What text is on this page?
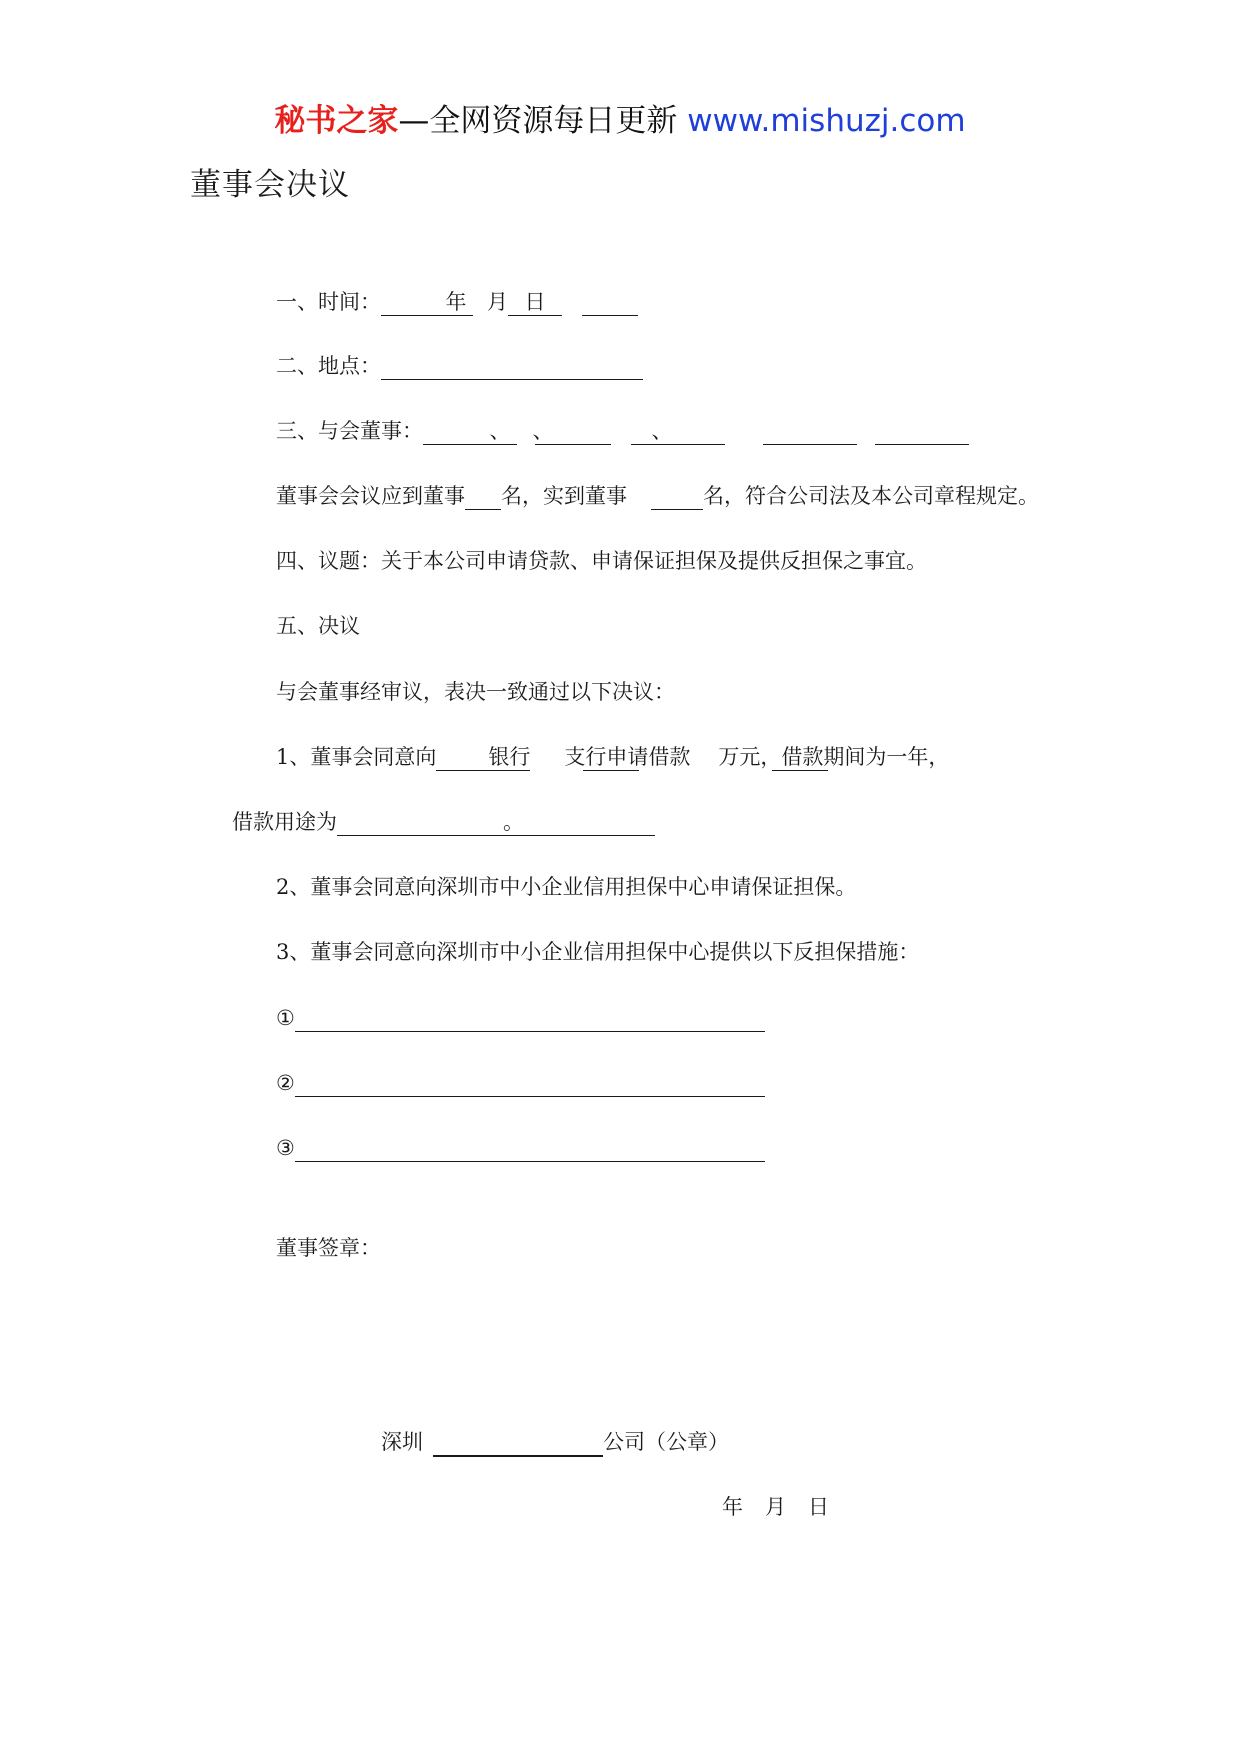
秘书之家—全网资源每日更新 www.mishuzj.com
董事会决议
一、时间：	年 月 日
二、地点：
三、与会董事：	、 、	、
董事会会议应到董事 名，实到董事	名，符合公司法及本公司章程规定。
四、议题：关于本公司申请贷款、申请保证担保及提供反担保之事宜。
五、决议
与会董事经审议，表决一致通过以下决议：
1、董事会同意向 银行 支行申请借款 万元，借款期间为一年，
借款用途为	。
2、董事会同意向深圳市中小企业信用担保中心申请保证担保。
3、董事会同意向深圳市中小企业信用担保中心提供以下反担保措施：
①
②
③
董事签章：
深圳	公司（公章）
年 月 日
